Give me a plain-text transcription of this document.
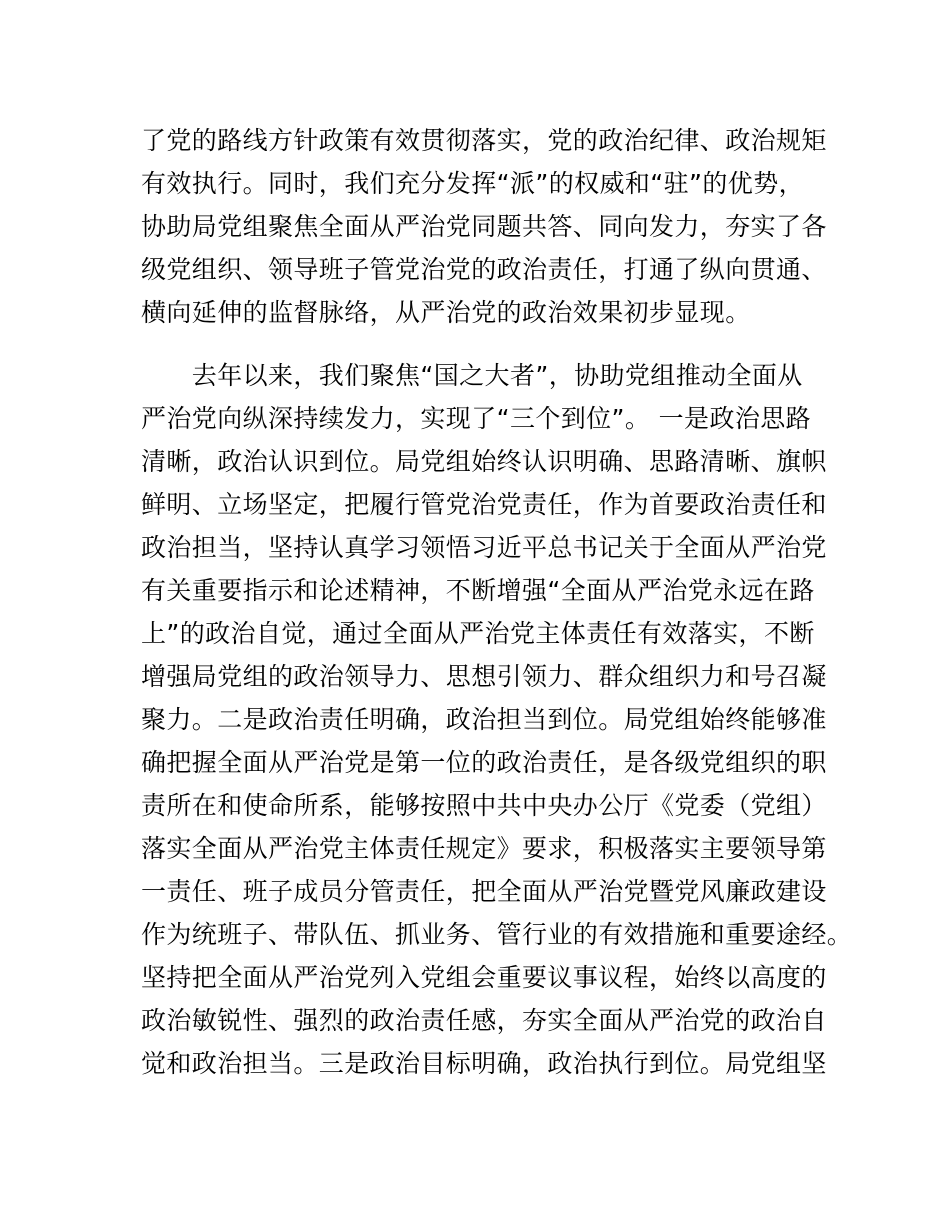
了党的路线方针政策有效贯彻落实，党的政治纪律、政治规矩
有效执行。同时，我们充分发挥“派”的权威和“驻”的优势，
协助局党组聚焦全面从严治党同题共答、同向发力，夯实了各
级党组织、领导班子管党治党的政治责任，打通了纵向贯通、
横向延伸的监督脉络，从严治党的政治效果初步显现。
　　去年以来，我们聚焦“国之大者”，协助党组推动全面从
严治党向纵深持续发力，实现了“三个到位”。 一是政治思路
清晰，政治认识到位。局党组始终认识明确、思路清晰、旗帜
鲜明、立场坚定，把履行管党治党责任，作为首要政治责任和
政治担当，坚持认真学习领悟习近平总书记关于全面从严治党
有关重要指示和论述精神，不断增强“全面从严治党永远在路
上”的政治自觉，通过全面从严治党主体责任有效落实，不断
增强局党组的政治领导力、思想引领力、群众组织力和号召凝
聚力。二是政治责任明确，政治担当到位。局党组始终能够准
确把握全面从严治党是第一位的政治责任，是各级党组织的职
责所在和使命所系，能够按照中共中央办公厅《党委（党组）
落实全面从严治党主体责任规定》要求，积极落实主要领导第
一责任、班子成员分管责任，把全面从严治党暨党风廉政建设
作为统班子、带队伍、抓业务、管行业的有效措施和重要途经。
坚持把全面从严治党列入党组会重要议事议程，始终以高度的
政治敏锐性、强烈的政治责任感，夯实全面从严治党的政治自
觉和政治担当。三是政治目标明确，政治执行到位。局党组坚
